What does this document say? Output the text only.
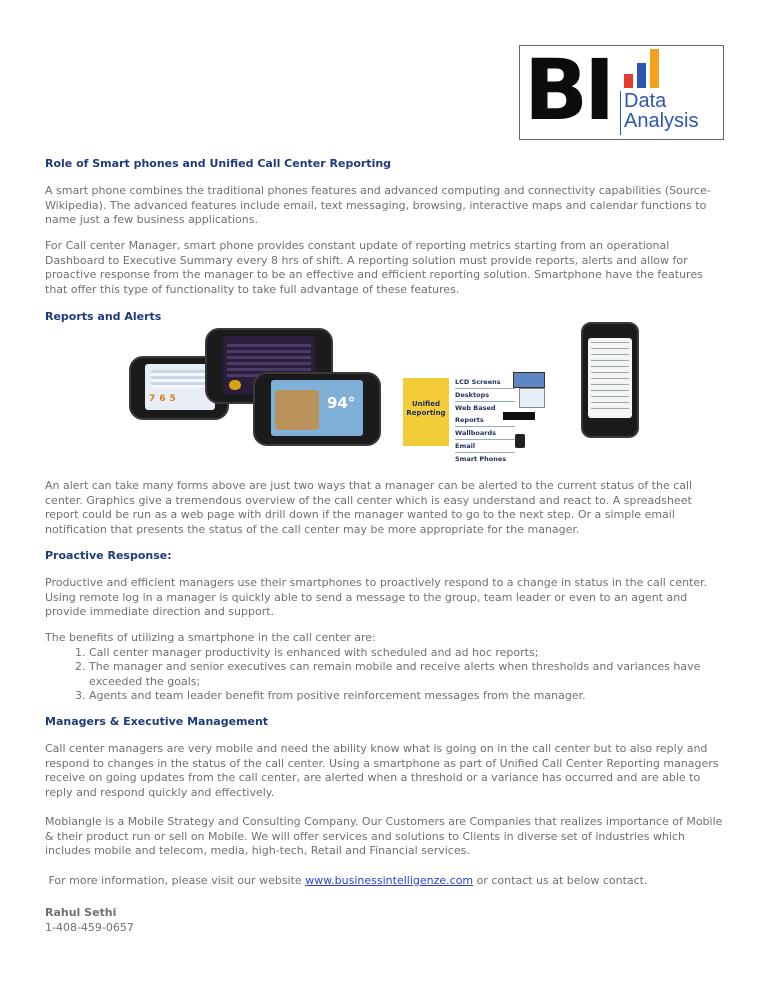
BI Data
Analysis
Role of Smart phones and Unified Call Center Reporting

A smart phone combines the traditional phones features and advanced computing and connectivity capabilities (Source-Wikipedia). The advanced features include email, text messaging, browsing, interactive maps and calendar functions to name just a few business applications.

For Call center Manager, smart phone provides constant update of reporting metrics starting from an operational Dashboard to Executive Summary every 8 hrs of shift. A reporting solution must provide reports, alerts and allow for proactive response from the manager to be an effective and efficient reporting solution. Smartphone have the features that offer this type of functionality to take full advantage of these features.

Reports and Alerts
765	94°	Unified Reporting
LCD Screens
Desktops
Web Based Reports
Wallboards
Email
Smart Phones

An alert can take many forms above are just two ways that a manager can be alerted to the current status of the call center. Graphics give a tremendous overview of the call center which is easy understand and react to. A spreadsheet report could be run as a web page with drill down if the manager wanted to go to the next step. Or a simple email notification that presents the status of the call center may be more appropriate for the manager.

Proactive Response:

Productive and efficient managers use their smartphones to proactively respond to a change in status in the call center. Using remote log in a manager is quickly able to send a message to the group, team leader or even to an agent and provide immediate direction and support.

The benefits of utilizing a smartphone in the call center are:

1. Call center manager productivity is enhanced with scheduled and ad hoc reports;
2. The manager and senior executives can remain mobile and receive alerts when thresholds and variances have exceeded the goals;
3. Agents and team leader benefit from positive reinforcement messages from the manager.
Managers & Executive Management

Call center managers are very mobile and need the ability know what is going on in the call center but to also reply and respond to changes in the status of the call center. Using a smartphone as part of Unified Call Center Reporting managers receive on going updates from the call center, are alerted when a threshold or a variance has occurred and are able to reply and respond quickly and effectively.

Mobiangle is a Mobile Strategy and Consulting Company. Our Customers are Companies that realizes importance of Mobile & their product run or sell on Mobile. We will offer services and solutions to Clients in diverse set of industries which includes mobile and telecom, media, high-tech, Retail and Financial services.

For more information, please visit our website www.businessintelligenze.com or contact us at below contact.

Rahul Sethi
1-408-459-0657
